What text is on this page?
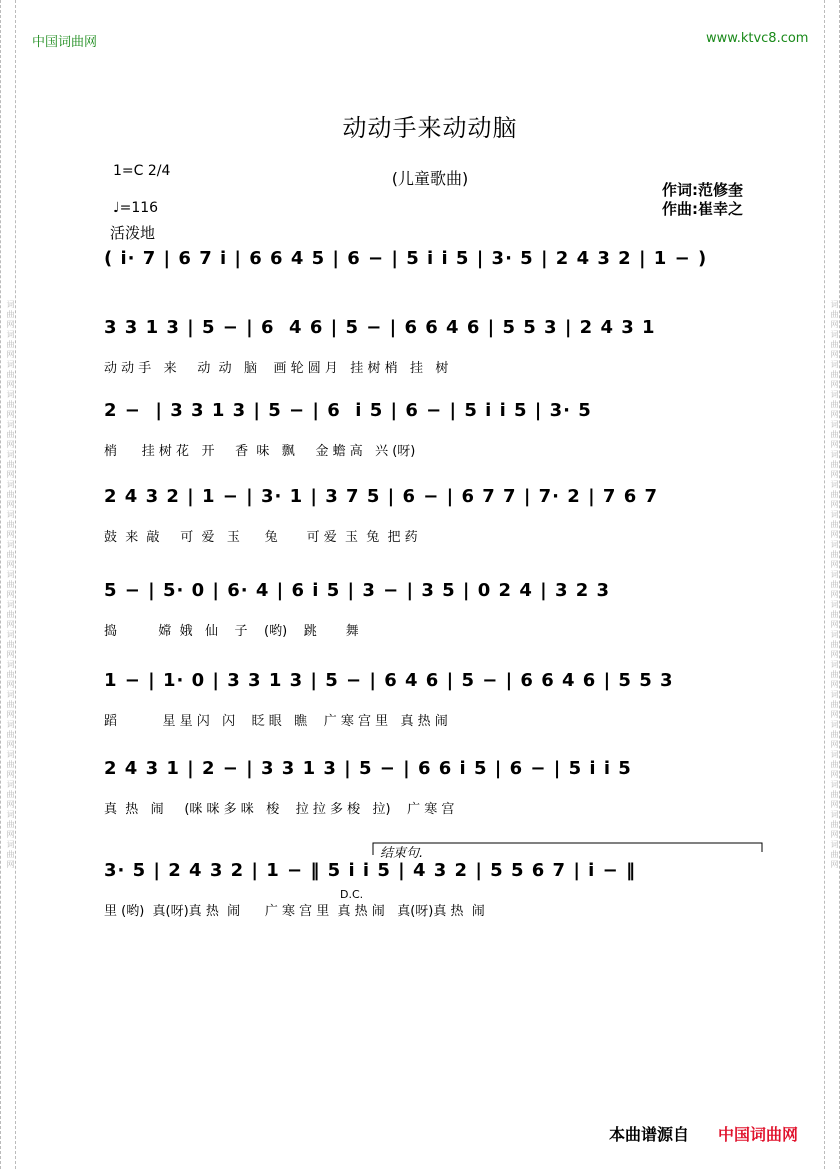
词曲网词曲网词曲网词曲网词曲网词曲网词曲网词曲网词曲网词曲网词曲网词曲网词曲网词曲网词曲网词曲网词曲网词曲网词曲网	词曲网词曲网词曲网词曲网词曲网词曲网词曲网词曲网词曲网词曲网词曲网词曲网词曲网词曲网词曲网词曲网词曲网词曲网词曲网
中国词曲网	www.ktvc8.com
动动手来动动脑
(儿童歌曲)
作词:范修奎
作曲:崔幸之
1=C 2/4
♩=116
活泼地
( i· 7 | 6 7 i | 6 6 4 5 | 6 − | 5 i i 5 | 3· 5 | 2 4 3 2 | 1 − )
3 3 1 3 | 5 − | 6  4 6 | 5 − | 6 6 4 6 | 5 5 3 | 2 4 3 1
动 动 手   来     动  动   脑    画 轮 圆 月   挂 树 梢   挂   树
2 −  | 3 3 1 3 | 5 − | 6  i 5 | 6 − | 5 i i 5 | 3· 5
梢      挂 树 花   开     香  味   飘     金 蟾 高   兴 (呀)
2 4 3 2 | 1 − | 3· 1 | 3 7 5 | 6 − | 6 7 7 | 7· 2 | 7 6 7
鼓  来  敲     可  爱   玉      兔       可 爱  玉  兔  把 药
5 − | 5· 0 | 6· 4 | 6 i 5 | 3 − | 3 5 | 0 2 4 | 3 2 3
捣          嫦  娥   仙    子    (哟)    跳       舞
1 − | 1· 0 | 3 3 1 3 | 5 − | 6 4 6 | 5 − | 6 6 4 6 | 5 5 3
蹈           星 星 闪   闪    眨 眼   瞧    广 寒 宫 里   真 热 闹
2 4 3 1 | 2 − | 3 3 1 3 | 5 − | 6 6 i 5 | 6 − | 5 i i 5
真  热   闹     (咪 咪 多 咪   梭    拉 拉 多 梭   拉)    广 寒 宫
3· 5 | 2 4 3 2 | 1 − ‖ 5 i i 5 | 4 3 2 | 5 5 6 7 | i − ‖
里 (哟)  真(呀)真 热  闹      广 寒 宫 里  真 热 闹   真(呀)真 热  闹
结束句.
D.C.
本曲谱源自 中国词曲网
